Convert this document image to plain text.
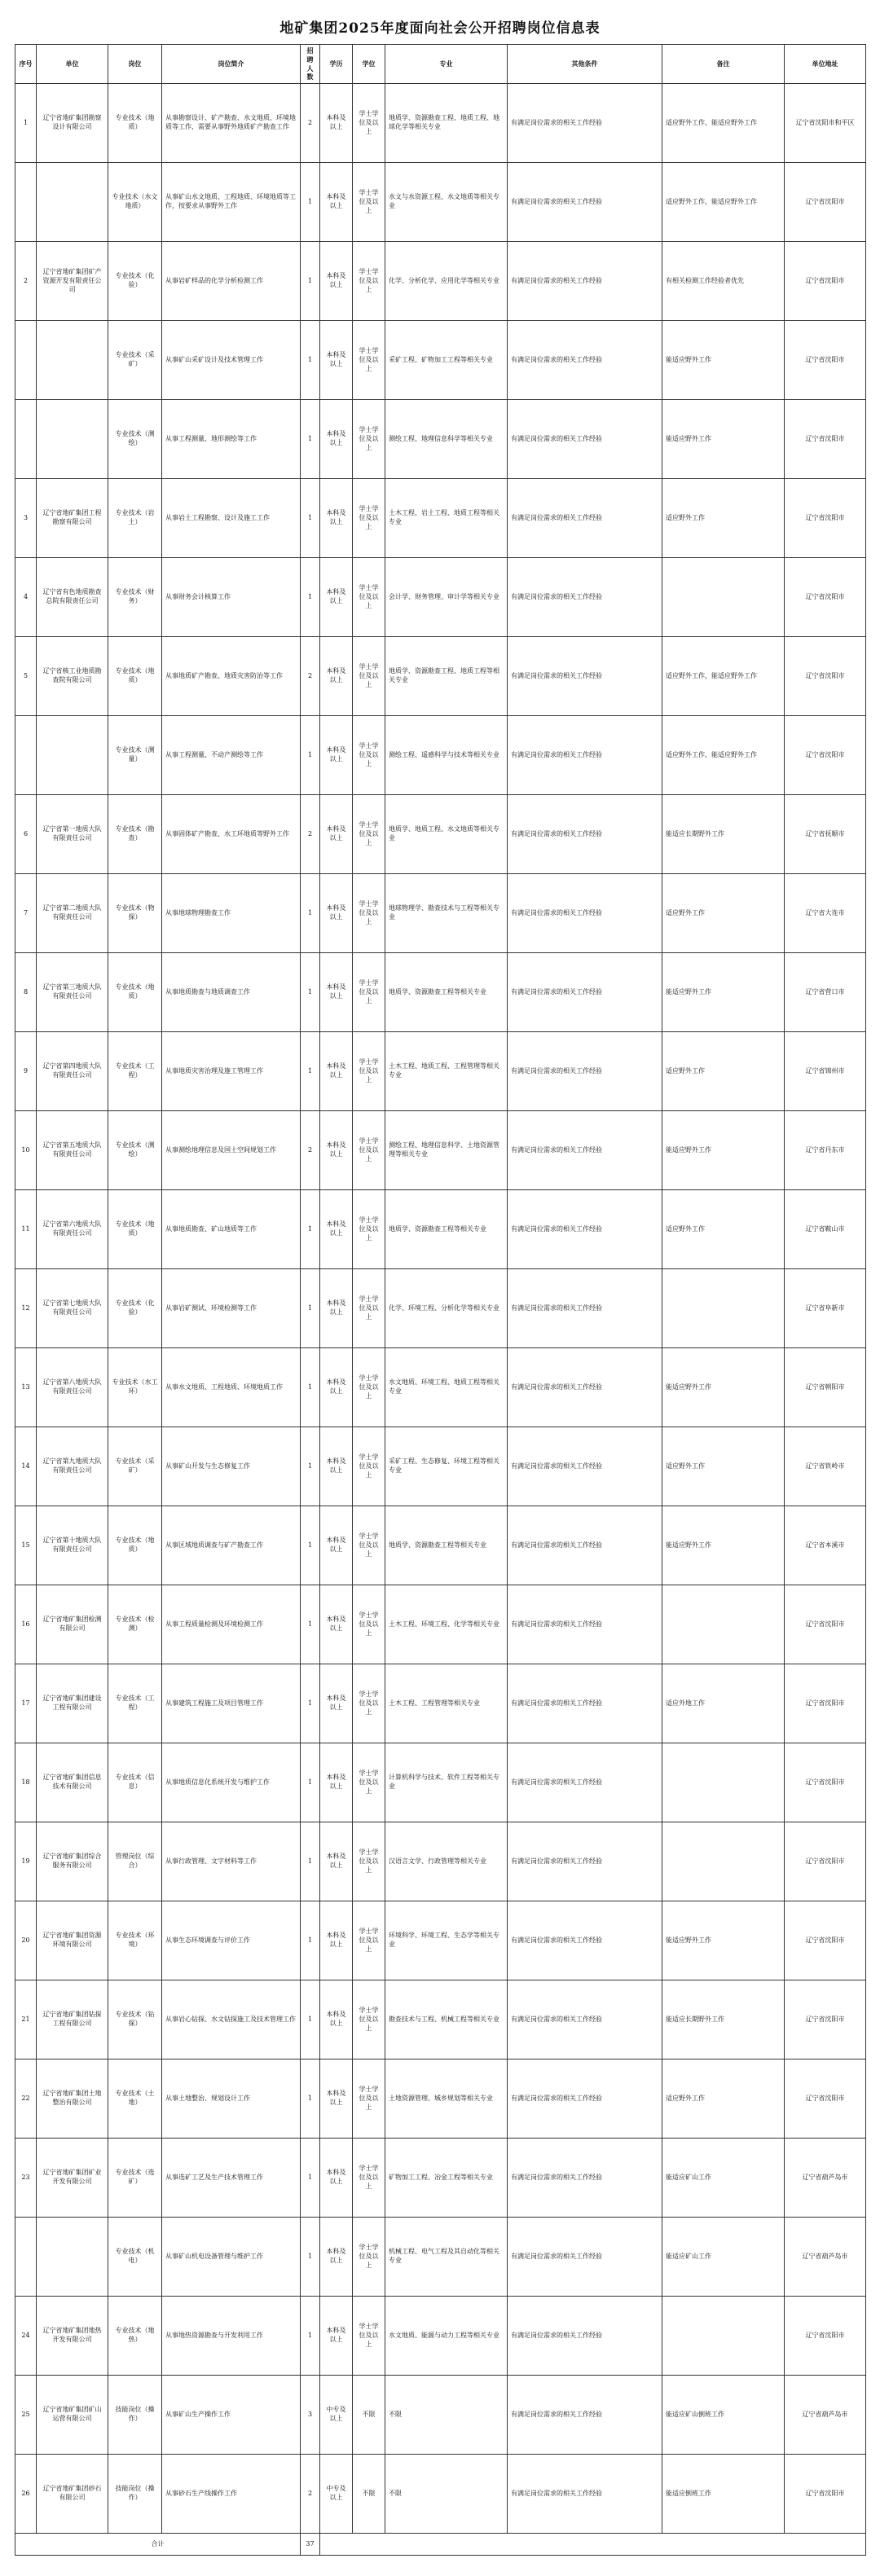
地矿集团2025年度面向社会公开招聘岗位信息表
序号	单位	岗位	岗位简介	招聘人数	学历	学位	专业	其他条件	备注	单位地址
1	辽宁省地矿集团勘察设计有限公司	专业技术（地质）	从事勘察设计、矿产勘查、水文地质、环境地质等工作，需要从事野外地质矿产勘查工作	2	本科及以上	学士学位及以上	地质学、资源勘查工程、地质工程、地球化学等相关专业	有满足岗位需求的相关工作经验	适应野外工作，能适应野外工作	辽宁省沈阳市和平区
		专业技术（水文地质）	从事矿山水文地质、工程地质、环境地质等工作，按要求从事野外工作	1	本科及以上	学士学位及以上	水文与水资源工程、水文地质等相关专业	有满足岗位需求的相关工作经验	适应野外工作，能适应野外工作	辽宁省沈阳市
2	辽宁省地矿集团矿产资源开发有限责任公司	专业技术（化验）	从事岩矿样品的化学分析检测工作	1	本科及以上	学士学位及以上	化学、分析化学、应用化学等相关专业	有满足岗位需求的相关工作经验	有相关检测工作经验者优先	辽宁省沈阳市
		专业技术（采矿）	从事矿山采矿设计及技术管理工作	1	本科及以上	学士学位及以上	采矿工程、矿物加工工程等相关专业	有满足岗位需求的相关工作经验	能适应野外工作	辽宁省沈阳市
		专业技术（测绘）	从事工程测量、地形测绘等工作	1	本科及以上	学士学位及以上	测绘工程、地理信息科学等相关专业	有满足岗位需求的相关工作经验	能适应野外工作	辽宁省沈阳市
3	辽宁省地矿集团工程勘察有限公司	专业技术（岩土）	从事岩土工程勘察、设计及施工工作	1	本科及以上	学士学位及以上	土木工程、岩土工程、地质工程等相关专业	有满足岗位需求的相关工作经验	适应野外工作	辽宁省沈阳市
4	辽宁省有色地质勘查总院有限责任公司	专业技术（财务）	从事财务会计核算工作	1	本科及以上	学士学位及以上	会计学、财务管理、审计学等相关专业	有满足岗位需求的相关工作经验		辽宁省沈阳市
5	辽宁省核工业地质勘查院有限公司	专业技术（地质）	从事地质矿产勘查、地质灾害防治等工作	2	本科及以上	学士学位及以上	地质学、资源勘查工程、地质工程等相关专业	有满足岗位需求的相关工作经验	适应野外工作，能适应野外工作	辽宁省沈阳市
		专业技术（测量）	从事工程测量、不动产测绘等工作	1	本科及以上	学士学位及以上	测绘工程、遥感科学与技术等相关专业	有满足岗位需求的相关工作经验	适应野外工作，能适应野外工作	辽宁省沈阳市
6	辽宁省第一地质大队有限责任公司	专业技术（勘查）	从事固体矿产勘查、水工环地质等野外工作	2	本科及以上	学士学位及以上	地质学、地质工程、水文地质等相关专业	有满足岗位需求的相关工作经验	能适应长期野外工作	辽宁省抚顺市
7	辽宁省第二地质大队有限责任公司	专业技术（物探）	从事地球物理勘查工作	1	本科及以上	学士学位及以上	地球物理学、勘查技术与工程等相关专业	有满足岗位需求的相关工作经验	适应野外工作	辽宁省大连市
8	辽宁省第三地质大队有限责任公司	专业技术（地质）	从事地质勘查与地质调查工作	1	本科及以上	学士学位及以上	地质学、资源勘查工程等相关专业	有满足岗位需求的相关工作经验	能适应野外工作	辽宁省营口市
9	辽宁省第四地质大队有限责任公司	专业技术（工程）	从事地质灾害治理及施工管理工作	1	本科及以上	学士学位及以上	土木工程、地质工程、工程管理等相关专业	有满足岗位需求的相关工作经验	适应野外工作	辽宁省锦州市
10	辽宁省第五地质大队有限责任公司	专业技术（测绘）	从事测绘地理信息及国土空间规划工作	2	本科及以上	学士学位及以上	测绘工程、地理信息科学、土地资源管理等相关专业	有满足岗位需求的相关工作经验	能适应野外工作	辽宁省丹东市
11	辽宁省第六地质大队有限责任公司	专业技术（地质）	从事地质勘查、矿山地质等工作	1	本科及以上	学士学位及以上	地质学、资源勘查工程等相关专业	有满足岗位需求的相关工作经验	适应野外工作	辽宁省鞍山市
12	辽宁省第七地质大队有限责任公司	专业技术（化验）	从事岩矿测试、环境检测等工作	1	本科及以上	学士学位及以上	化学、环境工程、分析化学等相关专业	有满足岗位需求的相关工作经验		辽宁省阜新市
13	辽宁省第八地质大队有限责任公司	专业技术（水工环）	从事水文地质、工程地质、环境地质工作	1	本科及以上	学士学位及以上	水文地质、环境工程、地质工程等相关专业	有满足岗位需求的相关工作经验	能适应野外工作	辽宁省朝阳市
14	辽宁省第九地质大队有限责任公司	专业技术（采矿）	从事矿山开发与生态修复工作	1	本科及以上	学士学位及以上	采矿工程、生态修复、环境工程等相关专业	有满足岗位需求的相关工作经验	适应野外工作	辽宁省铁岭市
15	辽宁省第十地质大队有限责任公司	专业技术（地质）	从事区域地质调查与矿产勘查工作	1	本科及以上	学士学位及以上	地质学、资源勘查工程等相关专业	有满足岗位需求的相关工作经验	能适应野外工作	辽宁省本溪市
16	辽宁省地矿集团检测有限公司	专业技术（检测）	从事工程质量检测及环境检测工作	1	本科及以上	学士学位及以上	土木工程、环境工程、化学等相关专业	有满足岗位需求的相关工作经验		辽宁省沈阳市
17	辽宁省地矿集团建设工程有限公司	专业技术（工程）	从事建筑工程施工及项目管理工作	1	本科及以上	学士学位及以上	土木工程、工程管理等相关专业	有满足岗位需求的相关工作经验	适应外地工作	辽宁省沈阳市
18	辽宁省地矿集团信息技术有限公司	专业技术（信息）	从事地质信息化系统开发与维护工作	1	本科及以上	学士学位及以上	计算机科学与技术、软件工程等相关专业	有满足岗位需求的相关工作经验		辽宁省沈阳市
19	辽宁省地矿集团综合服务有限公司	管理岗位（综合）	从事行政管理、文字材料等工作	1	本科及以上	学士学位及以上	汉语言文学、行政管理等相关专业	有满足岗位需求的相关工作经验		辽宁省沈阳市
20	辽宁省地矿集团资源环境有限公司	专业技术（环境）	从事生态环境调查与评价工作	1	本科及以上	学士学位及以上	环境科学、环境工程、生态学等相关专业	有满足岗位需求的相关工作经验	能适应野外工作	辽宁省沈阳市
21	辽宁省地矿集团钻探工程有限公司	专业技术（钻探）	从事岩心钻探、水文钻探施工及技术管理工作	1	本科及以上	学士学位及以上	勘查技术与工程、机械工程等相关专业	有满足岗位需求的相关工作经验	能适应长期野外工作	辽宁省沈阳市
22	辽宁省地矿集团土地整治有限公司	专业技术（土地）	从事土地整治、规划设计工作	1	本科及以上	学士学位及以上	土地资源管理、城乡规划等相关专业	有满足岗位需求的相关工作经验	适应野外工作	辽宁省沈阳市
23	辽宁省地矿集团矿业开发有限公司	专业技术（选矿）	从事选矿工艺及生产技术管理工作	1	本科及以上	学士学位及以上	矿物加工工程、冶金工程等相关专业	有满足岗位需求的相关工作经验	能适应矿山工作	辽宁省葫芦岛市
		专业技术（机电）	从事矿山机电设备管理与维护工作	1	本科及以上	学士学位及以上	机械工程、电气工程及其自动化等相关专业	有满足岗位需求的相关工作经验	能适应矿山工作	辽宁省葫芦岛市
24	辽宁省地矿集团地热开发有限公司	专业技术（地热）	从事地热资源勘查与开发利用工作	1	本科及以上	学士学位及以上	水文地质、能源与动力工程等相关专业	有满足岗位需求的相关工作经验		辽宁省沈阳市
25	辽宁省地矿集团矿山运营有限公司	技能岗位（操作）	从事矿山生产操作工作	3	中专及以上	不限	不限	有满足岗位需求的相关工作经验	能适应矿山倒班工作	辽宁省葫芦岛市
26	辽宁省地矿集团砂石有限公司	技能岗位（操作）	从事砂石生产线操作工作	2	中专及以上	不限	不限	有满足岗位需求的相关工作经验	能适应倒班工作	辽宁省沈阳市
合计				37						
